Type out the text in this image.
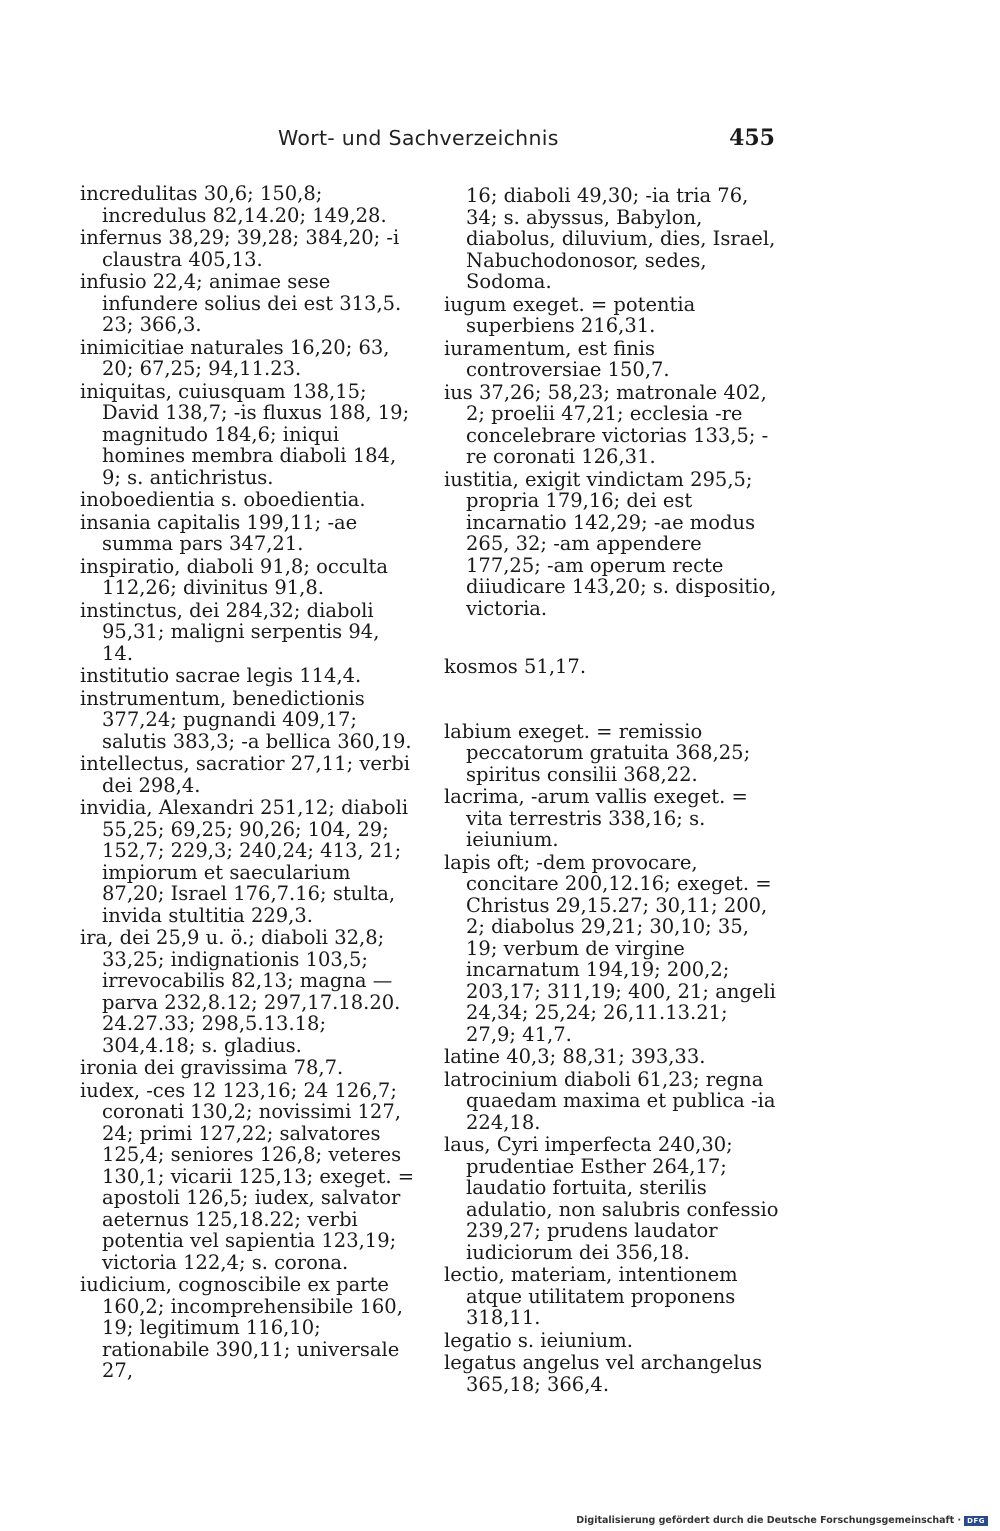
Wort- und Sachverzeichnis	455

incredulitas 30,6; 150,8; incredulus 82,14.20; 149,28.

infernus 38,29; 39,28; 384,20; -i claustra 405,13.

infusio 22,4; animae sese infundere solius dei est 313,5. 23; 366,3.

inimicitiae naturales 16,20; 63, 20; 67,25; 94,11.23.

iniquitas, cuiusquam 138,15; David 138,7; -is fluxus 188, 19; magnitudo 184,6; iniqui homines membra diaboli 184, 9; s. antichristus.

inoboedientia s. oboedientia.

insania capitalis 199,11; -ae summa pars 347,21.

inspiratio, diaboli 91,8; occulta 112,26; divinitus 91,8.

instinctus, dei 284,32; diaboli 95,31; maligni serpentis 94, 14.

institutio sacrae legis 114,4.

instrumentum, benedictionis 377,24; pugnandi 409,17; salutis 383,3; -a bellica 360,19.

intellectus, sacratior 27,11; verbi dei 298,4.

invidia, Alexandri 251,12; diaboli 55,25; 69,25; 90,26; 104, 29; 152,7; 229,3; 240,24; 413, 21; impiorum et saecularium 87,20; Israel 176,7.16; stulta, invida stultitia 229,3.

ira, dei 25,9 u. ö.; diaboli 32,8; 33,25; indignationis 103,5; irrevocabilis 82,13; magna — parva 232,8.12; 297,17.18.20. 24.27.33; 298,5.13.18; 304,4.18; s. gladius.

ironia dei gravissima 78,7.

iudex, -ces 12 123,16; 24 126,7; coronati 130,2; novissimi 127, 24; primi 127,22; salvatores 125,4; seniores 126,8; veteres 130,1; vicarii 125,13; exeget. = apostoli 126,5; iudex, salvator aeternus 125,18.22; verbi potentia vel sapientia 123,19; victoria 122,4; s. corona.

iudicium, cognoscibile ex parte 160,2; incomprehensibile 160, 19; legitimum 116,10; rationabile 390,11; universale 27,

16; diaboli 49,30; -ia tria 76, 34; s. abyssus, Babylon, diabolus, diluvium, dies, Israel, Nabuchodonosor, sedes, Sodoma.

iugum exeget. = potentia superbiens 216,31.

iuramentum, est finis controversiae 150,7.

ius 37,26; 58,23; matronale 402, 2; proelii 47,21; ecclesia -re concelebrare victorias 133,5; -re coronati 126,31.

iustitia, exigit vindictam 295,5; propria 179,16; dei est incarnatio 142,29; -ae modus 265, 32; -am appendere 177,25; -am operum recte diiudicare 143,20; s. dispositio, victoria.

kosmos 51,17.

labium exeget. = remissio peccatorum gratuita 368,25; spiritus consilii 368,22.

lacrima, -arum vallis exeget. = vita terrestris 338,16; s. ieiunium.

lapis oft; -dem provocare, concitare 200,12.16; exeget. = Christus 29,15.27; 30,11; 200, 2; diabolus 29,21; 30,10; 35, 19; verbum de virgine incarnatum 194,19; 200,2; 203,17; 311,19; 400, 21; angeli 24,34; 25,24; 26,11.13.21; 27,9; 41,7.

latine 40,3; 88,31; 393,33.

latrocinium diaboli 61,23; regna quaedam maxima et publica -ia 224,18.

laus, Cyri imperfecta 240,30; prudentiae Esther 264,17; laudatio fortuita, sterilis adulatio, non salubris confessio 239,27; prudens laudator iudiciorum dei 356,18.

lectio, materiam, intentionem atque utilitatem proponens 318,11.

legatio s. ieiunium.

legatus angelus vel archangelus 365,18; 366,4.

Digitalisierung gefördert durch die Deutsche Forschungsgemeinschaft · DFG
